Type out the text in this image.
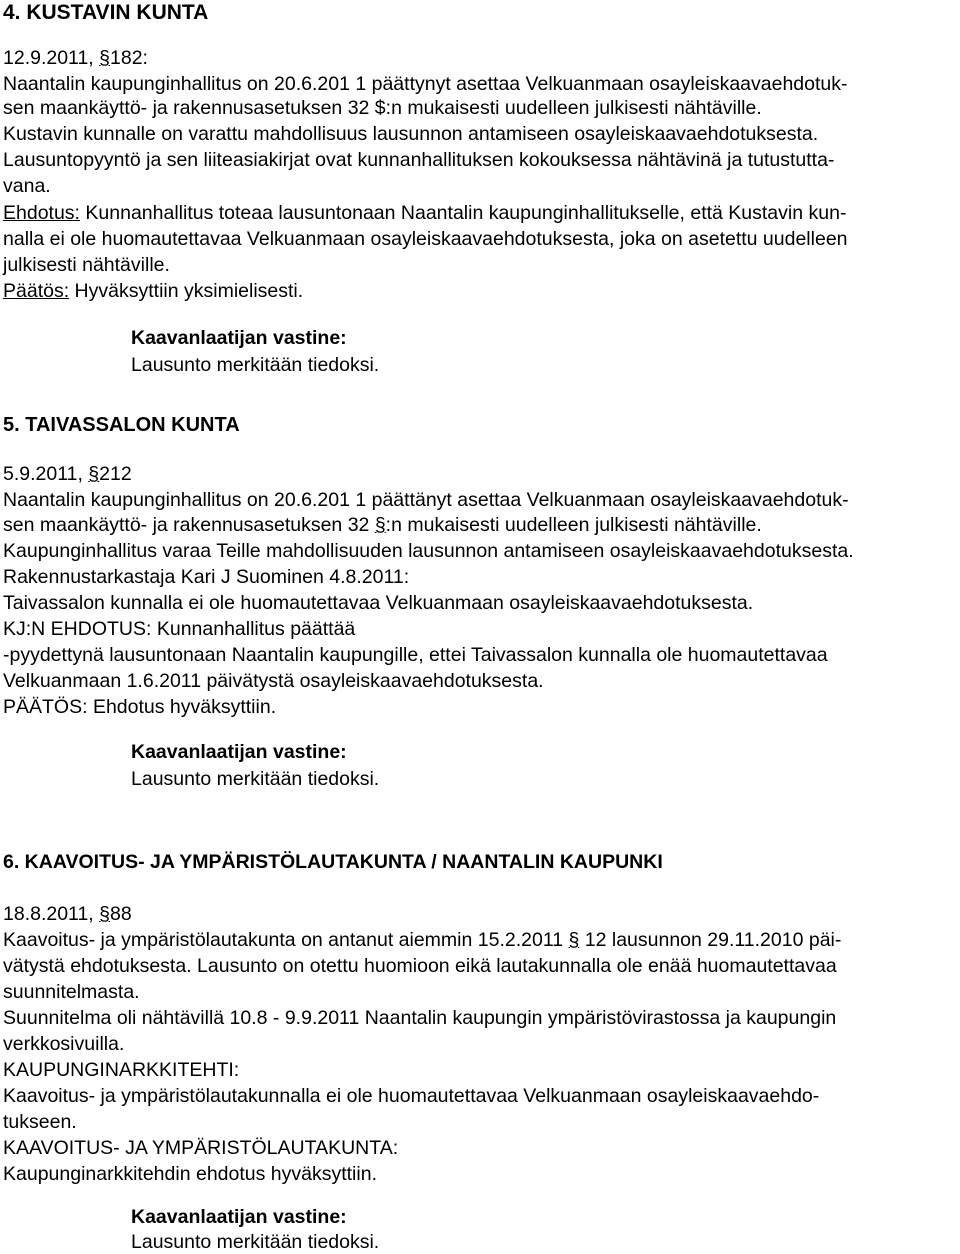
4. KUSTAVIN KUNTA
12.9.2011, §182:
Naantalin kaupunginhallitus on 20.6.201 1 päättynyt asettaa Velkuanmaan osayleiskaavaehdotuk-
sen maankäyttö- ja rakennusasetuksen 32 $:n mukaisesti uudelleen julkisesti nähtäville.
Kustavin kunnalle on varattu mahdollisuus lausunnon antamiseen osayleiskaavaehdotuksesta.
Lausuntopyyntö ja sen liiteasiakirjat ovat kunnanhallituksen kokouksessa nähtävinä ja tutustutta-
vana.
Ehdotus: Kunnanhallitus toteaa lausuntonaan Naantalin kaupunginhallitukselle, että Kustavin kun-
nalla ei ole huomautettavaa Velkuanmaan osayleiskaavaehdotuksesta, joka on asetettu uudelleen
julkisesti nähtäville.
Päätös: Hyväksyttiin yksimielisesti.
Kaavanlaatijan vastine:
Lausunto merkitään tiedoksi.
5. TAIVASSALON KUNTA
5.9.2011, §212
Naantalin kaupunginhallitus on 20.6.201 1 päättänyt asettaa Velkuanmaan osayleiskaavaehdotuk-
sen maankäyttö- ja rakennusasetuksen 32 §:n mukaisesti uudelleen julkisesti nähtäville.
Kaupunginhallitus varaa Teille mahdollisuuden lausunnon antamiseen osayleiskaavaehdotuksesta.
Rakennustarkastaja Kari J Suominen 4.8.2011:
Taivassalon kunnalla ei ole huomautettavaa Velkuanmaan osayleiskaavaehdotuksesta.
KJ:N EHDOTUS: Kunnanhallitus päättää
-pyydettynä lausuntonaan Naantalin kaupungille, ettei Taivassalon kunnalla ole huomautettavaa
Velkuanmaan 1.6.2011 päivätystä osayleiskaavaehdotuksesta.
PÄÄTÖS: Ehdotus hyväksyttiin.
Kaavanlaatijan vastine:
Lausunto merkitään tiedoksi.
6. KAAVOITUS- JA YMPÄRISTÖLAUTAKUNTA / NAANTALIN KAUPUNKI
18.8.2011, §88
Kaavoitus- ja ympäristölautakunta on antanut aiemmin 15.2.2011 § 12 lausunnon 29.11.2010 päi-
vätystä ehdotuksesta. Lausunto on otettu huomioon eikä lautakunnalla ole enää huomautettavaa
suunnitelmasta.
Suunnitelma oli nähtävillä 10.8 - 9.9.2011 Naantalin kaupungin ympäristövirastossa ja kaupungin
verkkosivuilla.
KAUPUNGINARKKITEHTI:
Kaavoitus- ja ympäristölautakunnalla ei ole huomautettavaa Velkuanmaan osayleiskaavaehdo-
tukseen.
KAAVOITUS- JA YMPÄRISTÖLAUTAKUNTA:
Kaupunginarkkitehdin ehdotus hyväksyttiin.
Kaavanlaatijan vastine:
Lausunto merkitään tiedoksi.
